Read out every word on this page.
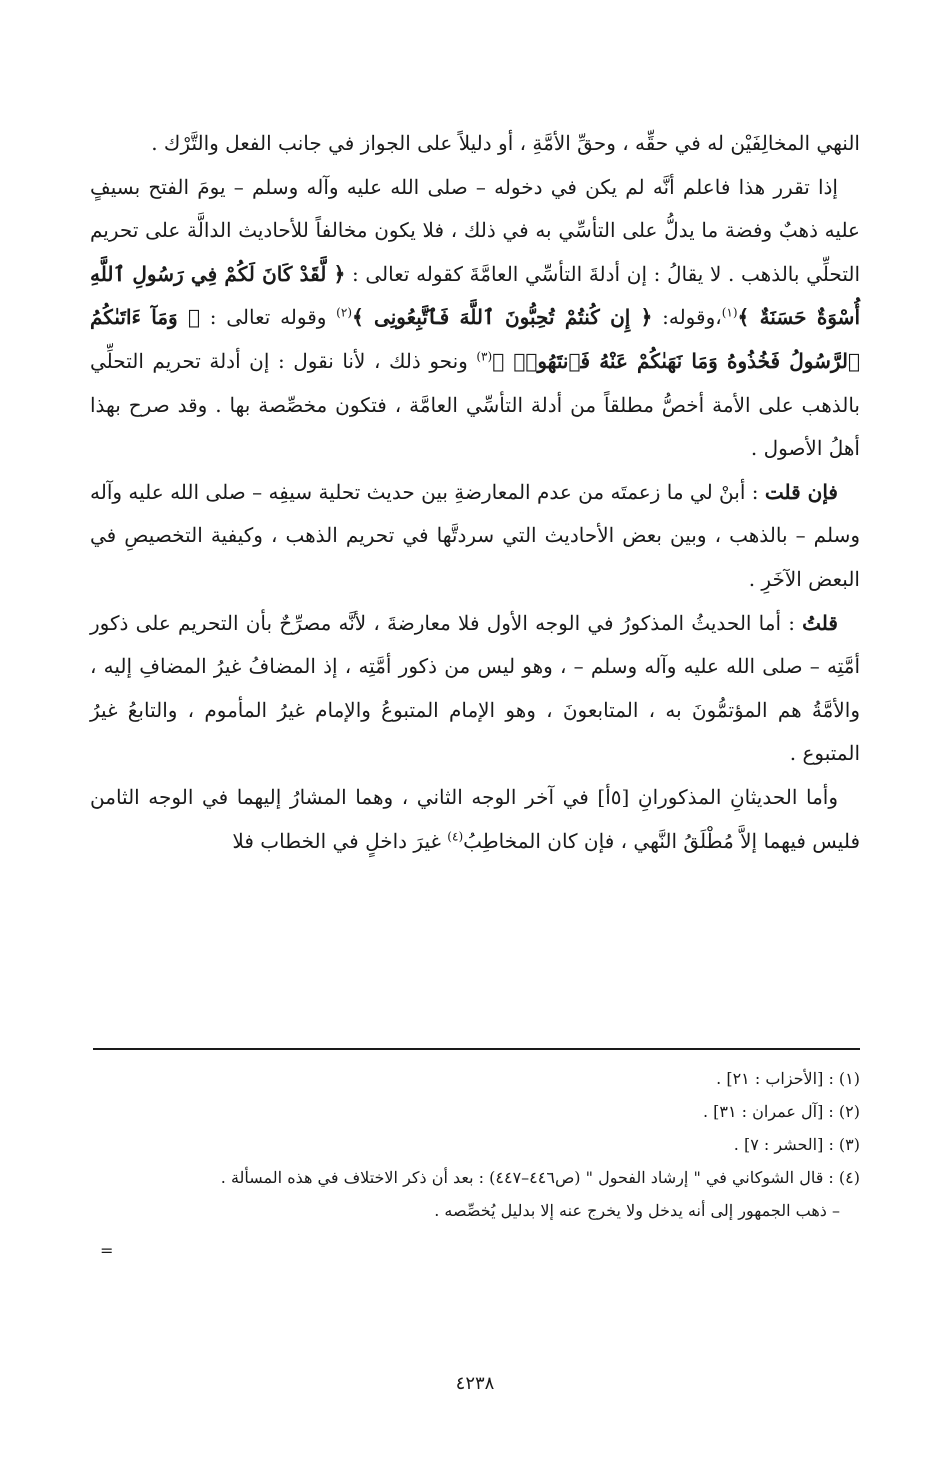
النهي المخالِفَيْن له في حقِّه ، وحقِّ الأمَّةِ ، أو دليلاً على الجواز في جانب الفعل والتَّرْك .

إذا تقرر هذا فاعلم أنَّه لم يكن في دخوله – صلى الله عليه وآله وسلم – يومَ الفتح بسيفٍ عليه ذهبٌ وفضة ما يدلُّ على التأسِّي به في ذلك ، فلا يكون مخالفاً للأحاديث الدالَّة على تحريم التحلِّي بالذهب . لا يقالُ : إن أدلةَ التأسِّي العامَّةَ كقوله تعالى : ﴿ لَّقَدْ كَانَ لَكُمْ فِي رَسُولِ ٱللَّهِ أُسْوَةٌ حَسَنَةٌ ﴾$^{(١)}$،وقوله: ﴿ إِن كُنتُمْ تُحِبُّونَ ٱللَّهَ فَٱتَّبِعُونِى ﴾$^{(٢)}$ وقوله تعالى : ﴿ وَمَآ ءَاتَىٰكُمُ ٱلرَّسُولُ فَخُذُوهُ وَمَا نَهَىٰكُمْ عَنْهُ فَٱنتَهُوا۟ ﴾$^{(٣)}$ ونحو ذلك ، لأنا نقول : إن أدلة تحريم التحلِّي بالذهب على الأمة أخصُّ مطلقاً من أدلة التأسِّي العامَّة ، فتكون مخصِّصة بها . وقد صرح بهذا أهلُ الأصول .

فإن قلت : أبنْ لي ما زعمتَه من عدم المعارضةِ بين حديث تحلية سيفِه – صلى الله عليه وآله وسلم – بالذهب ، وبين بعض الأحاديث التي سردتَّها في تحريم الذهب ، وكيفية التخصيصِ في البعض الآخَرِ .

قلتُ : أما الحديثُ المذكورُ في الوجه الأول فلا معارضةَ ، لأنَّه مصرِّحٌ بأن التحريم على ذكور أمَّتِه – صلى الله عليه وآله وسلم – ، وهو ليس من ذكور أمَّتِه ، إذ المضافُ غيرُ المضافِ إليه ، والأمَّةُ هم المؤتمُّونَ به ، المتابعونَ ، وهو الإمام المتبوعُ والإمام غيرُ المأموم ، والتابعُ غيرُ المتبوع .

وأما الحديثانِ المذكورانِ [٥أ] في آخر الوجه الثاني ، وهما المشارُ إليهما في الوجه الثامن فليس فيهما إلاَّ مُطْلَقُ النَّهي ، فإن كان المخاطِبُ$^{(٤)}$ غيرَ داخلٍ في الخطاب فلا

(١) : [الأحزاب : ٢١] .

(٢) : [آل عمران : ٣١] .

(٣) : [الحشر : ٧] .

(٤) : قال الشوكاني في " إرشاد الفحول " (ص٤٤٦–٤٤٧) : بعد أن ذكر الاختلاف في هذه المسألة .

– ذهب الجمهور إلى أنه يدخل ولا يخرج عنه إلا بدليل يُخصِّصه .

=
٤٢٣٨
